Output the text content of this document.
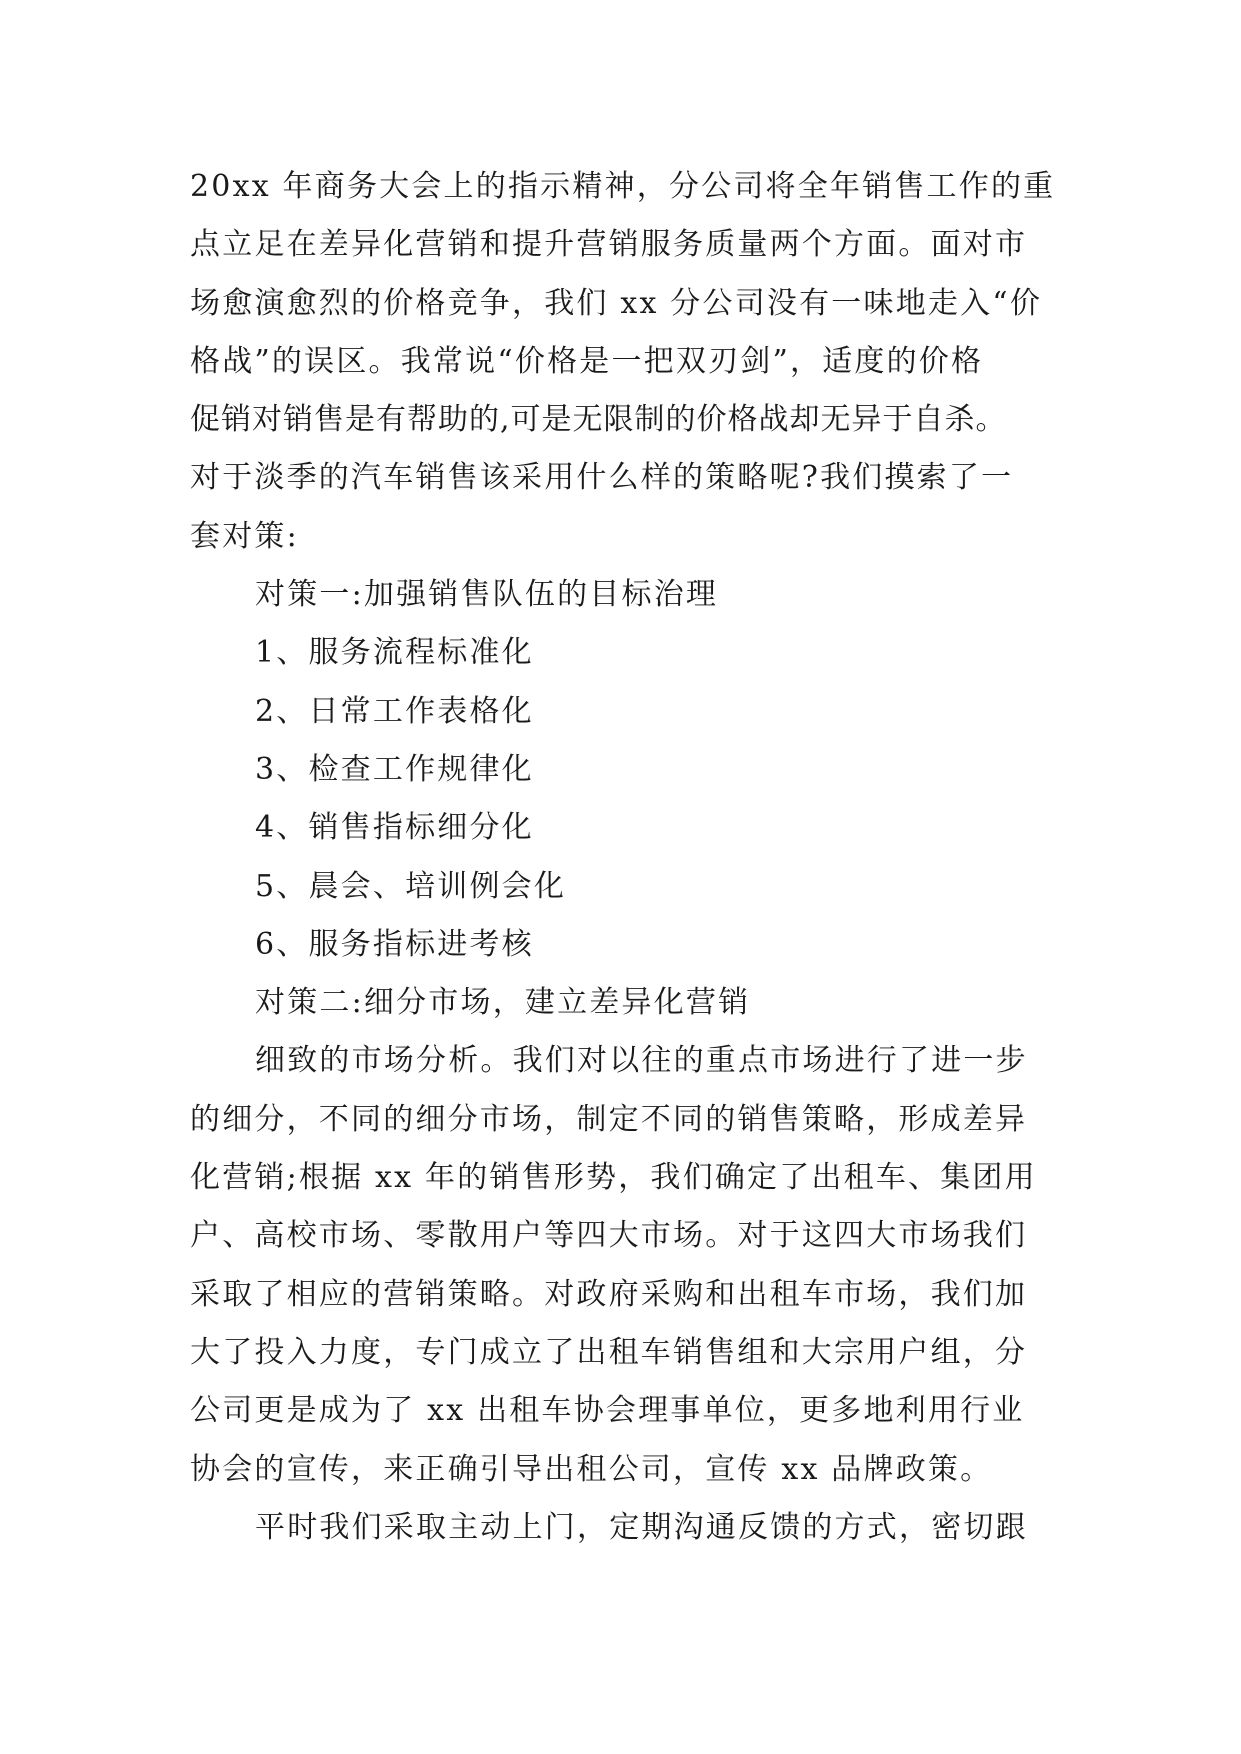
20xx 年商务大会上的指示精神，分公司将全年销售工作的重
点立足在差异化营销和提升营销服务质量两个方面。面对市
场愈演愈烈的价格竞争，我们 xx 分公司没有一味地走入“价
格战”的误区。我常说“价格是一把双刃剑”，适度的价格
促销对销售是有帮助的,可是无限制的价格战却无异于自杀。
对于淡季的汽车销售该采用什么样的策略呢?我们摸索了一
套对策:
对策一:加强销售队伍的目标治理
1、服务流程标准化
2、日常工作表格化
3、检查工作规律化
4、销售指标细分化
5、晨会、培训例会化
6、服务指标进考核
对策二:细分市场，建立差异化营销
细致的市场分析。我们对以往的重点市场进行了进一步
的细分，不同的细分市场，制定不同的销售策略，形成差异
化营销;根据 xx 年的销售形势，我们确定了出租车、集团用
户、高校市场、零散用户等四大市场。对于这四大市场我们
采取了相应的营销策略。对政府采购和出租车市场，我们加
大了投入力度，专门成立了出租车销售组和大宗用户组，分
公司更是成为了 xx 出租车协会理事单位，更多地利用行业
协会的宣传，来正确引导出租公司，宣传 xx 品牌政策。
平时我们采取主动上门，定期沟通反馈的方式，密切跟
